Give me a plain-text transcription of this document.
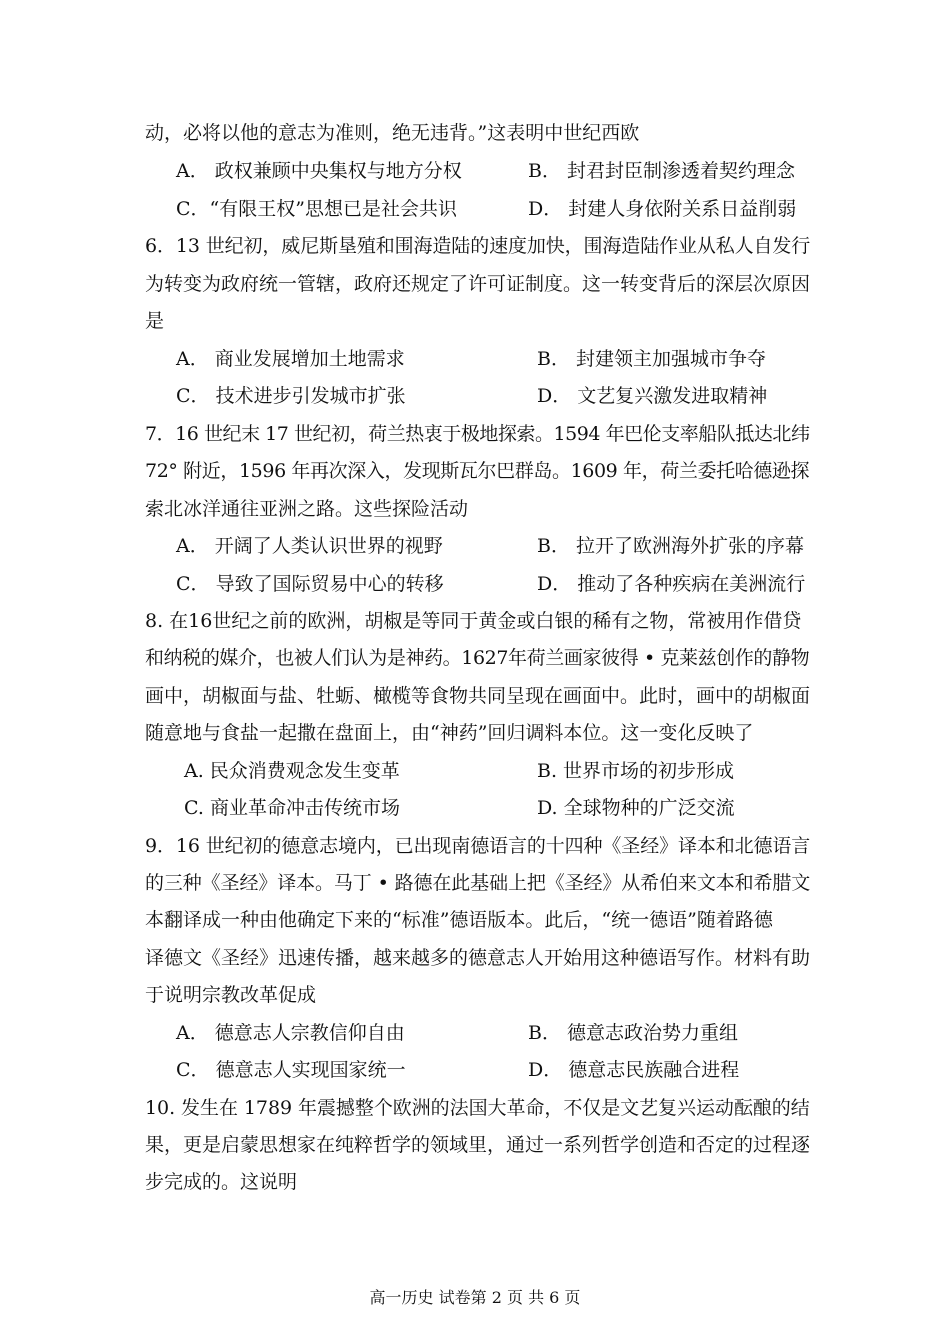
动，必将以他的意志为准则，绝无违背。”这表明中世纪西欧
A． 政权兼顾中央集权与地方分权	B． 封君封臣制渗透着契约理念
C．“有限王权”思想已是社会共识	D． 封建人身依附关系日益削弱
6．13 世纪初，威尼斯垦殖和围海造陆的速度加快，围海造陆作业从私人自发行
为转变为政府统一管辖，政府还规定了许可证制度。这一转变背后的深层次原因
是
A． 商业发展增加土地需求	B． 封建领主加强城市争夺
C． 技术进步引发城市扩张	D． 文艺复兴激发进取精神
7．16 世纪末 17 世纪初，荷兰热衷于极地探索。1594 年巴伦支率船队抵达北纬
72° 附近，1596 年再次深入，发现斯瓦尔巴群岛。1609 年，荷兰委托哈德逊探
索北冰洋通往亚洲之路。这些探险活动
A． 开阔了人类认识世界的视野	B． 拉开了欧洲海外扩张的序幕
C． 导致了国际贸易中心的转移	D． 推动了各种疾病在美洲流行
8. 在16世纪之前的欧洲，胡椒是等同于黄金或白银的稀有之物，常被用作借贷
和纳税的媒介，也被人们认为是神药。1627年荷兰画家彼得 • 克莱兹创作的静物
画中，胡椒面与盐、牡蛎、橄榄等食物共同呈现在画面中。此时，画中的胡椒面
随意地与食盐一起撒在盘面上，由“神药”回归调料本位。这一变化反映了
A. 民众消费观念发生变革	B. 世界市场的初步形成
C. 商业革命冲击传统市场	D. 全球物种的广泛交流
9．16 世纪初的德意志境内，已出现南德语言的十四种《圣经》译本和北德语言
的三种《圣经》译本。马丁 • 路德在此基础上把《圣经》从希伯来文本和希腊文
本翻译成一种由他确定下来的“标准”德语版本。此后，“统一德语”随着路德
译德文《圣经》迅速传播，越来越多的德意志人开始用这种德语写作。材料有助
于说明宗教改革促成
A． 德意志人宗教信仰自由	B． 德意志政治势力重组
C． 德意志人实现国家统一	D． 德意志民族融合进程
10. 发生在 1789 年震撼整个欧洲的法国大革命，不仅是文艺复兴运动酝酿的结
果，更是启蒙思想家在纯粹哲学的领域里，通过一系列哲学创造和否定的过程逐
步完成的。这说明
高一历史 试卷第 2 页 共 6 页
